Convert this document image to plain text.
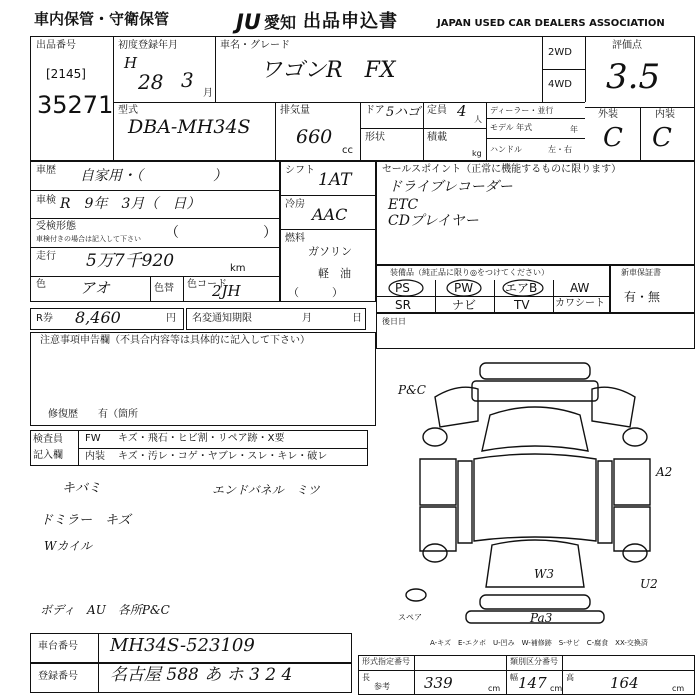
車内保管・守衛保管	JU 愛知 出品申込書	JAPAN USED CAR DEALERS ASSOCIATION
出品番号
[2145]
35271
初度登録年月
H
28 3
月
車名・グレード
ワゴンR　FX
2WD
4WD
評価点
3.5
外装	内装
C C
型式
DBA-MH34S
排気量
660
cc
ドア 5ハゴ
形状
定員 4 人
積載
kg
ディーラー・並行
モデル 年式	年
ハンドル	左・右
車歴 自家用・（　　　　　）
車検 R　9年　3月（　日）
受検形態
車検付きの場合は記入して下さい （　　　　　　）
走行 5万7千920	km
色 アオ	色替 色コード
2JH
シフト 1AT
冷房
AAC
燃料
ガソリン
軽　油
（　　　）
セールスポイント（正常に機能するものに限ります）
ドライブレコーダー
ETC
CDプレイヤー
装備品（純正品に限り◎をつけてください）
PS	PW	エアB	AW
SR	ナビ	TV	カワシート
新車保証書
有・無
R券 8,460	円 名変通知期限	月	日	後日日
注意事項申告欄（不具合内容等は具体的に記入して下さい）
修復歴　　有（箇所
検査員
記入欄
FW キズ・飛石・ヒビ割・リペア跡・X要
内装 キズ・汚レ・コゲ・ヤブレ・スレ・キレ・破レ
キバミ	エンドバネル　ミツ
ドミラー　キズ
Wカイル
ボディ　AU　各所P&C
P&C
A2
U2
W3
Pa3
スペア
車台番号 MH34S-523109
登録番号 名古屋 588 あ ホ 3 2 4
A-キズ　E-エクボ　U-凹み　W-補修跡　S-サビ　C-腐食　XX-交換済
形式指定番号	類別区分番号
参考
長	339	cm
幅 147 cm
高 164	cm
